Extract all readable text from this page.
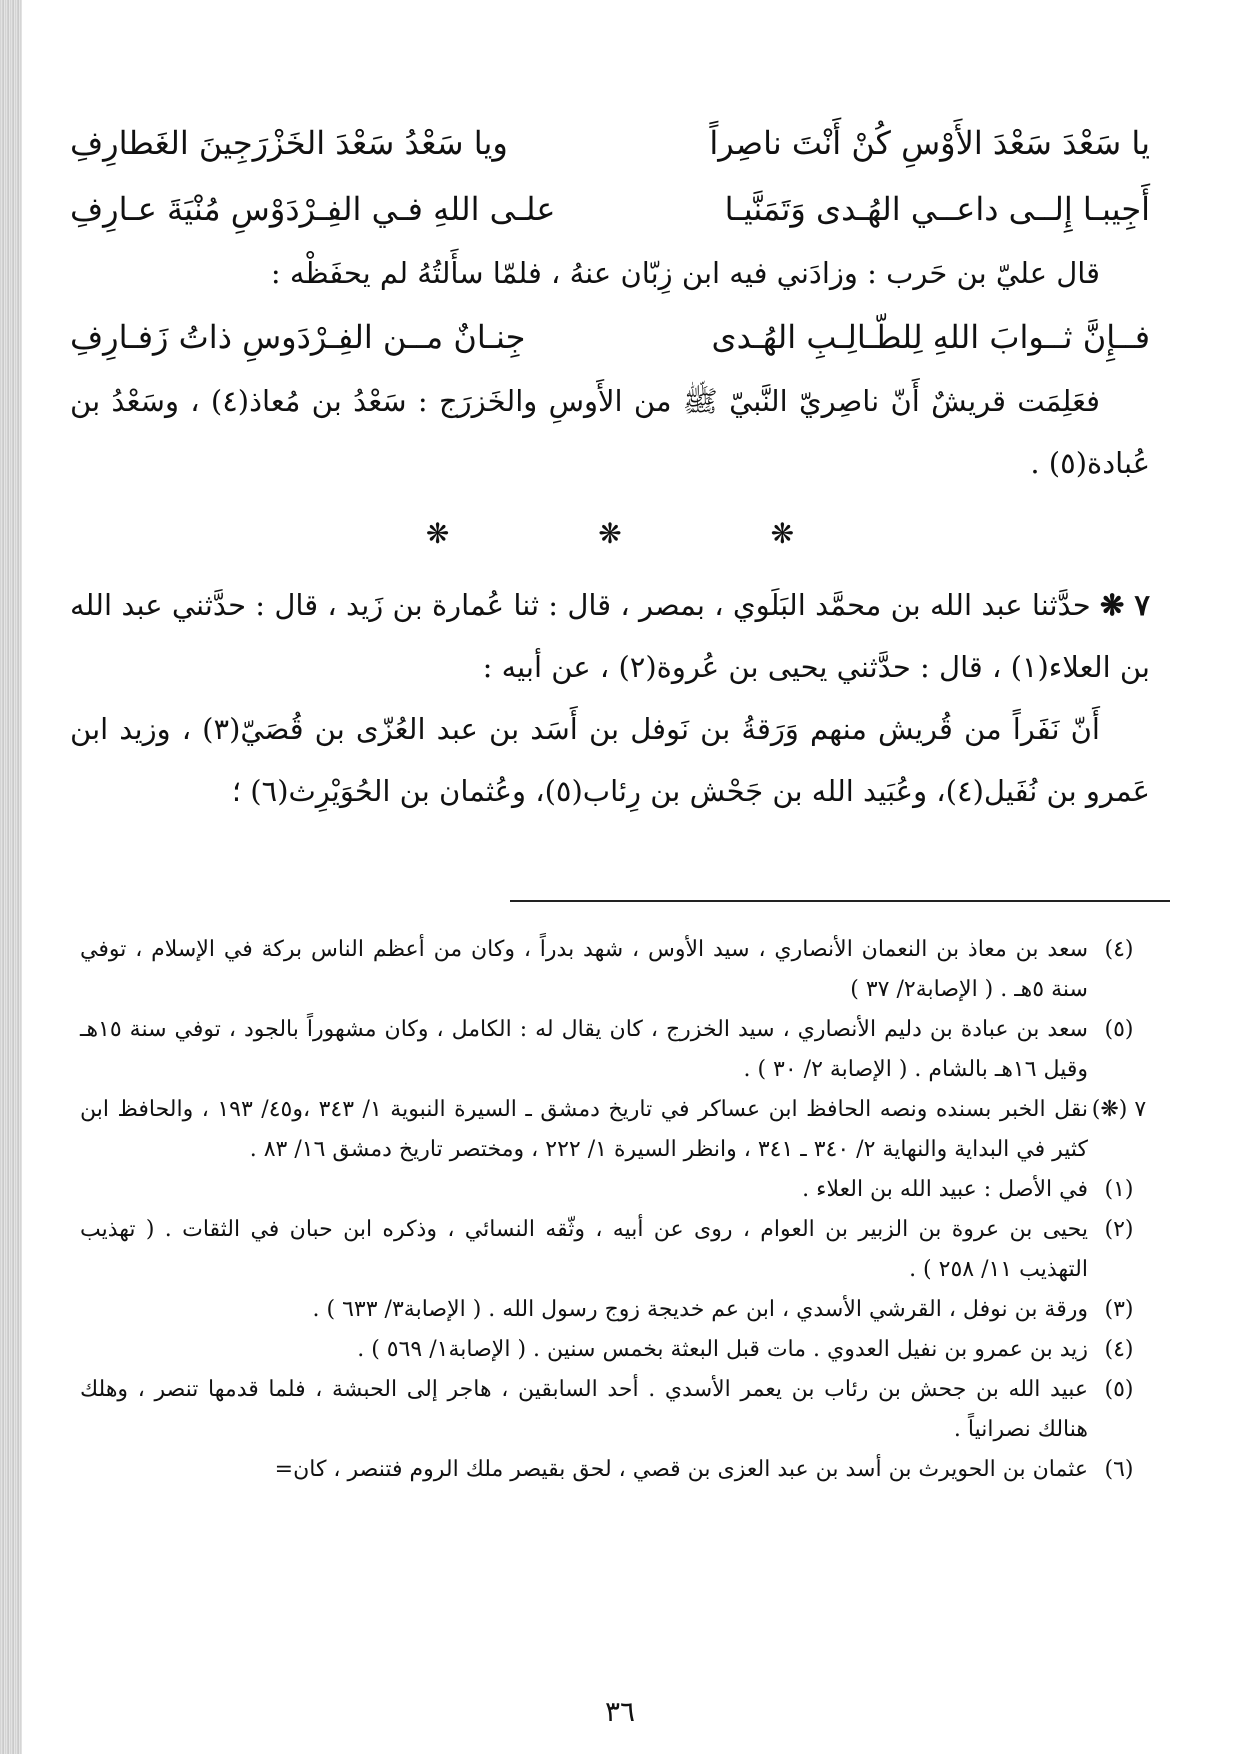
يا سَعْدَ سَعْدَ الأَوْسِ كُنْ أَنْتَ ناصِراً
ويا سَعْدُ سَعْدَ الخَزْرَجِينَ الغَطارِفِ
أَجِيبـا إِلــى داعــي الهُـدى وَتَمَنَّيـا
علـى اللهِ فـي الفِـرْدَوْسِ مُنْيَةَ عـارِفِ

قال عليّ بن حَرب : وزادَني فيه ابن زِبّان عنهُ ، فلمّا سأَلتُهُ لم يحفَظْه :

فــإِنَّ ثــوابَ اللهِ لِلطّـالِـبِ الهُـدى
جِنـانٌ مــن الفِـرْدَوسِ ذاتُ زَفـارِفِ

فعَلِمَت قريشٌ أَنّ ناصِريّ النَّبيّ ﷺ من الأَوسِ والخَزرَج : سَعْدُ بن مُعاذ(٤) ، وسَعْدُ بن عُبادة(٥) .

❋ ❋ ❋

٧ ❋ حدَّثنا عبد الله بن محمَّد البَلَوي ، بمصر ، قال : ثنا عُمارة بن زَيد ، قال : حدَّثني عبد الله بن العلاء(١) ، قال : حدَّثني يحيى بن عُروة(٢) ، عن أبيه :

أَنّ نَفَراً من قُريش منهم وَرَقةُ بن نَوفل بن أَسَد بن عبد العُزّى بن قُصَيّ(٣) ، وزيد ابن عَمرو بن نُفَيل(٤)، وعُبَيد الله بن جَحْش بن رِئاب(٥)، وعُثمان بن الحُوَيْرِث(٦) ؛

(٤)
سعد بن معاذ بن النعمان الأنصاري ، سيد الأوس ، شهد بدراً ، وكان من أعظم الناس بركة في الإسلام ، توفي سنة ٥هـ . ( الإصابة٢/ ٣٧ )
(٥)
سعد بن عبادة بن دليم الأنصاري ، سيد الخزرج ، كان يقال له : الكامل ، وكان مشهوراً بالجود ، توفي سنة ١٥هـ وقيل ١٦هـ بالشام . ( الإصابة ٢/ ٣٠ ) .
٧ (❋)
نقل الخبر بسنده ونصه الحافظ ابن عساكر في تاريخ دمشق ـ السيرة النبوية ١/ ٣٤٣ ،و٤٥/ ١٩٣ ، والحافظ ابن كثير في البداية والنهاية ٢/ ٣٤٠ ـ ٣٤١ ، وانظر السيرة ١/ ٢٢٢ ، ومختصر تاريخ دمشق ١٦/ ٨٣ .
(١)
في الأصل : عبيد الله بن العلاء .
(٢)
يحيى بن عروة بن الزبير بن العوام ، روى عن أبيه ، وثّقه النسائي ، وذكره ابن حبان في الثقات . ( تهذيب التهذيب ١١/ ٢٥٨ ) .
(٣)
ورقة بن نوفل ، القرشي الأسدي ، ابن عم خديجة زوج رسول الله . ( الإصابة٣/ ٦٣٣ ) .
(٤)
زيد بن عمرو بن نفيل العدوي . مات قبل البعثة بخمس سنين . ( الإصابة١/ ٥٦٩ ) .
(٥)
عبيد الله بن جحش بن رئاب بن يعمر الأسدي . أحد السابقين ، هاجر إلى الحبشة ، فلما قدمها تنصر ، وهلك هنالك نصرانياً .
(٦)
عثمان بن الحويرث بن أسد بن عبد العزى بن قصي ، لحق بقيصر ملك الروم فتنصر ، كان=
٣٦
